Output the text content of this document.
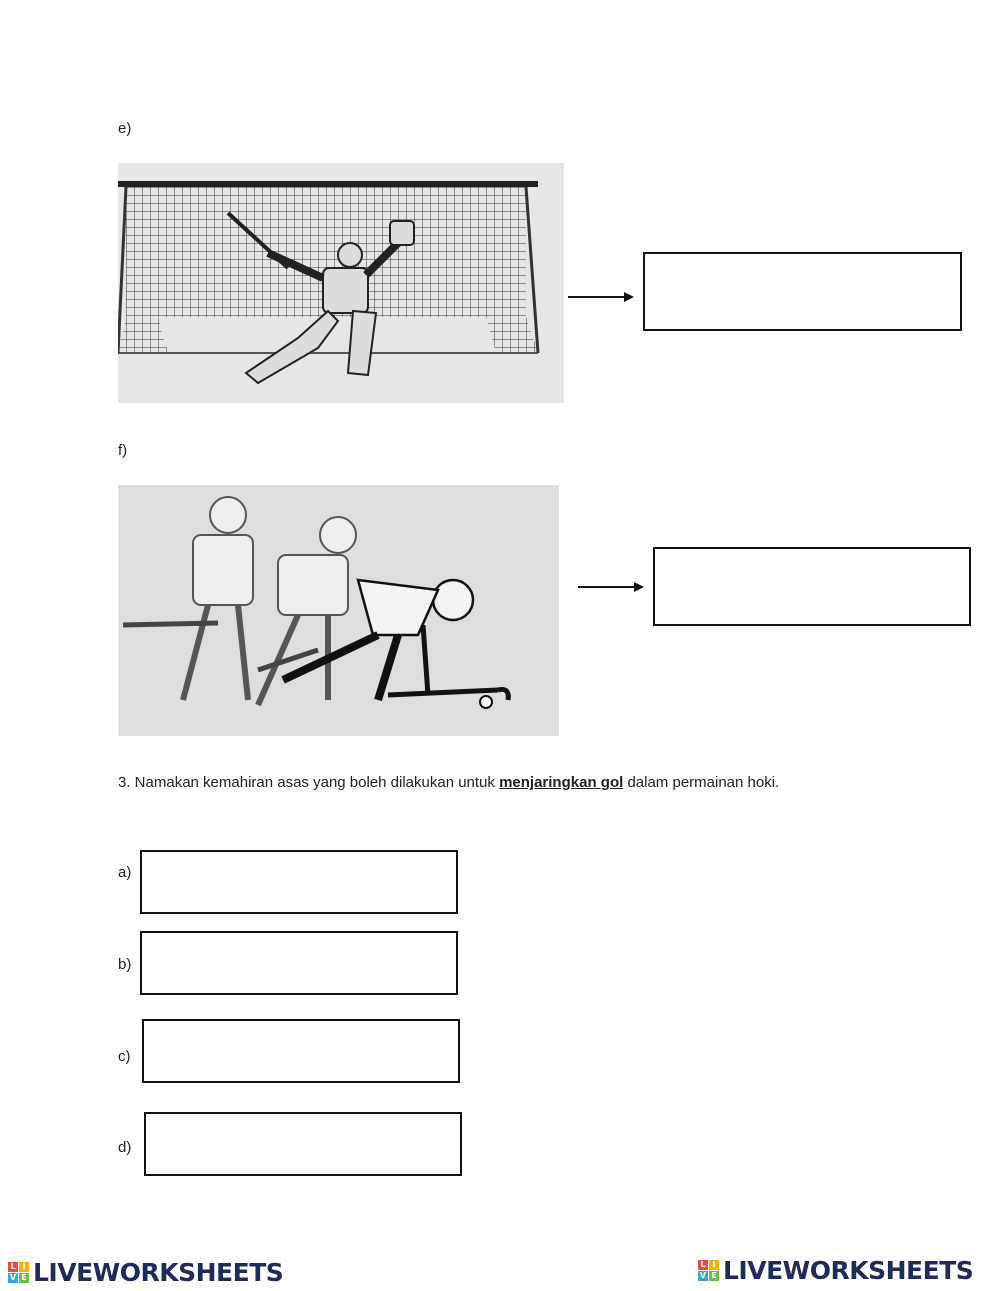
e)
f)
3. Namakan kemahiran asas yang boleh dilakukan untuk menjaringkan gol dalam permainan hoki.
a)
b)
c)
d)
L I
V E LIVEWORKSHEETS	L I
V E LIVEWORKSHEETS
